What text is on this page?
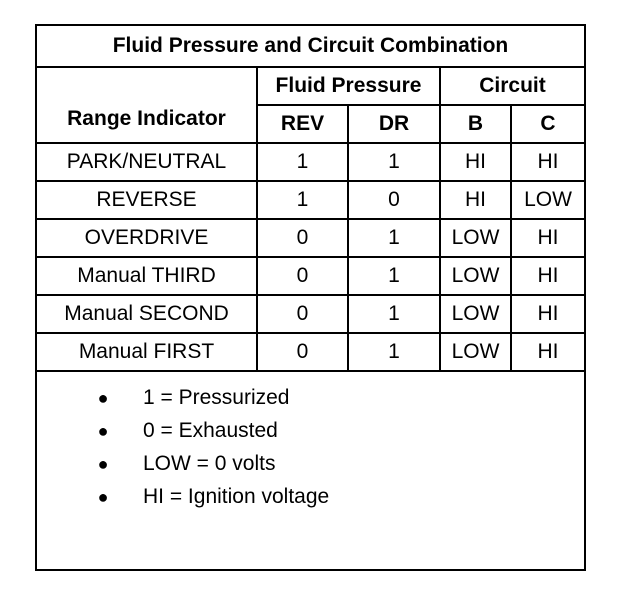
Fluid Pressure and Circuit Combination				
Range Indicator	Fluid Pressure		Circuit	
	REV	DR	B	C
PARK/NEUTRAL	1	1	HI	HI
REVERSE	1	0	HI	LOW
OVERDRIVE	0	1	LOW	HI
Manual THIRD	0	1	LOW	HI
Manual SECOND	0	1	LOW	HI
Manual FIRST	0	1	LOW	HI
● 1 = Pressurized
● 0 = Exhausted
● LOW = 0 volts
● HI = Ignition voltage
